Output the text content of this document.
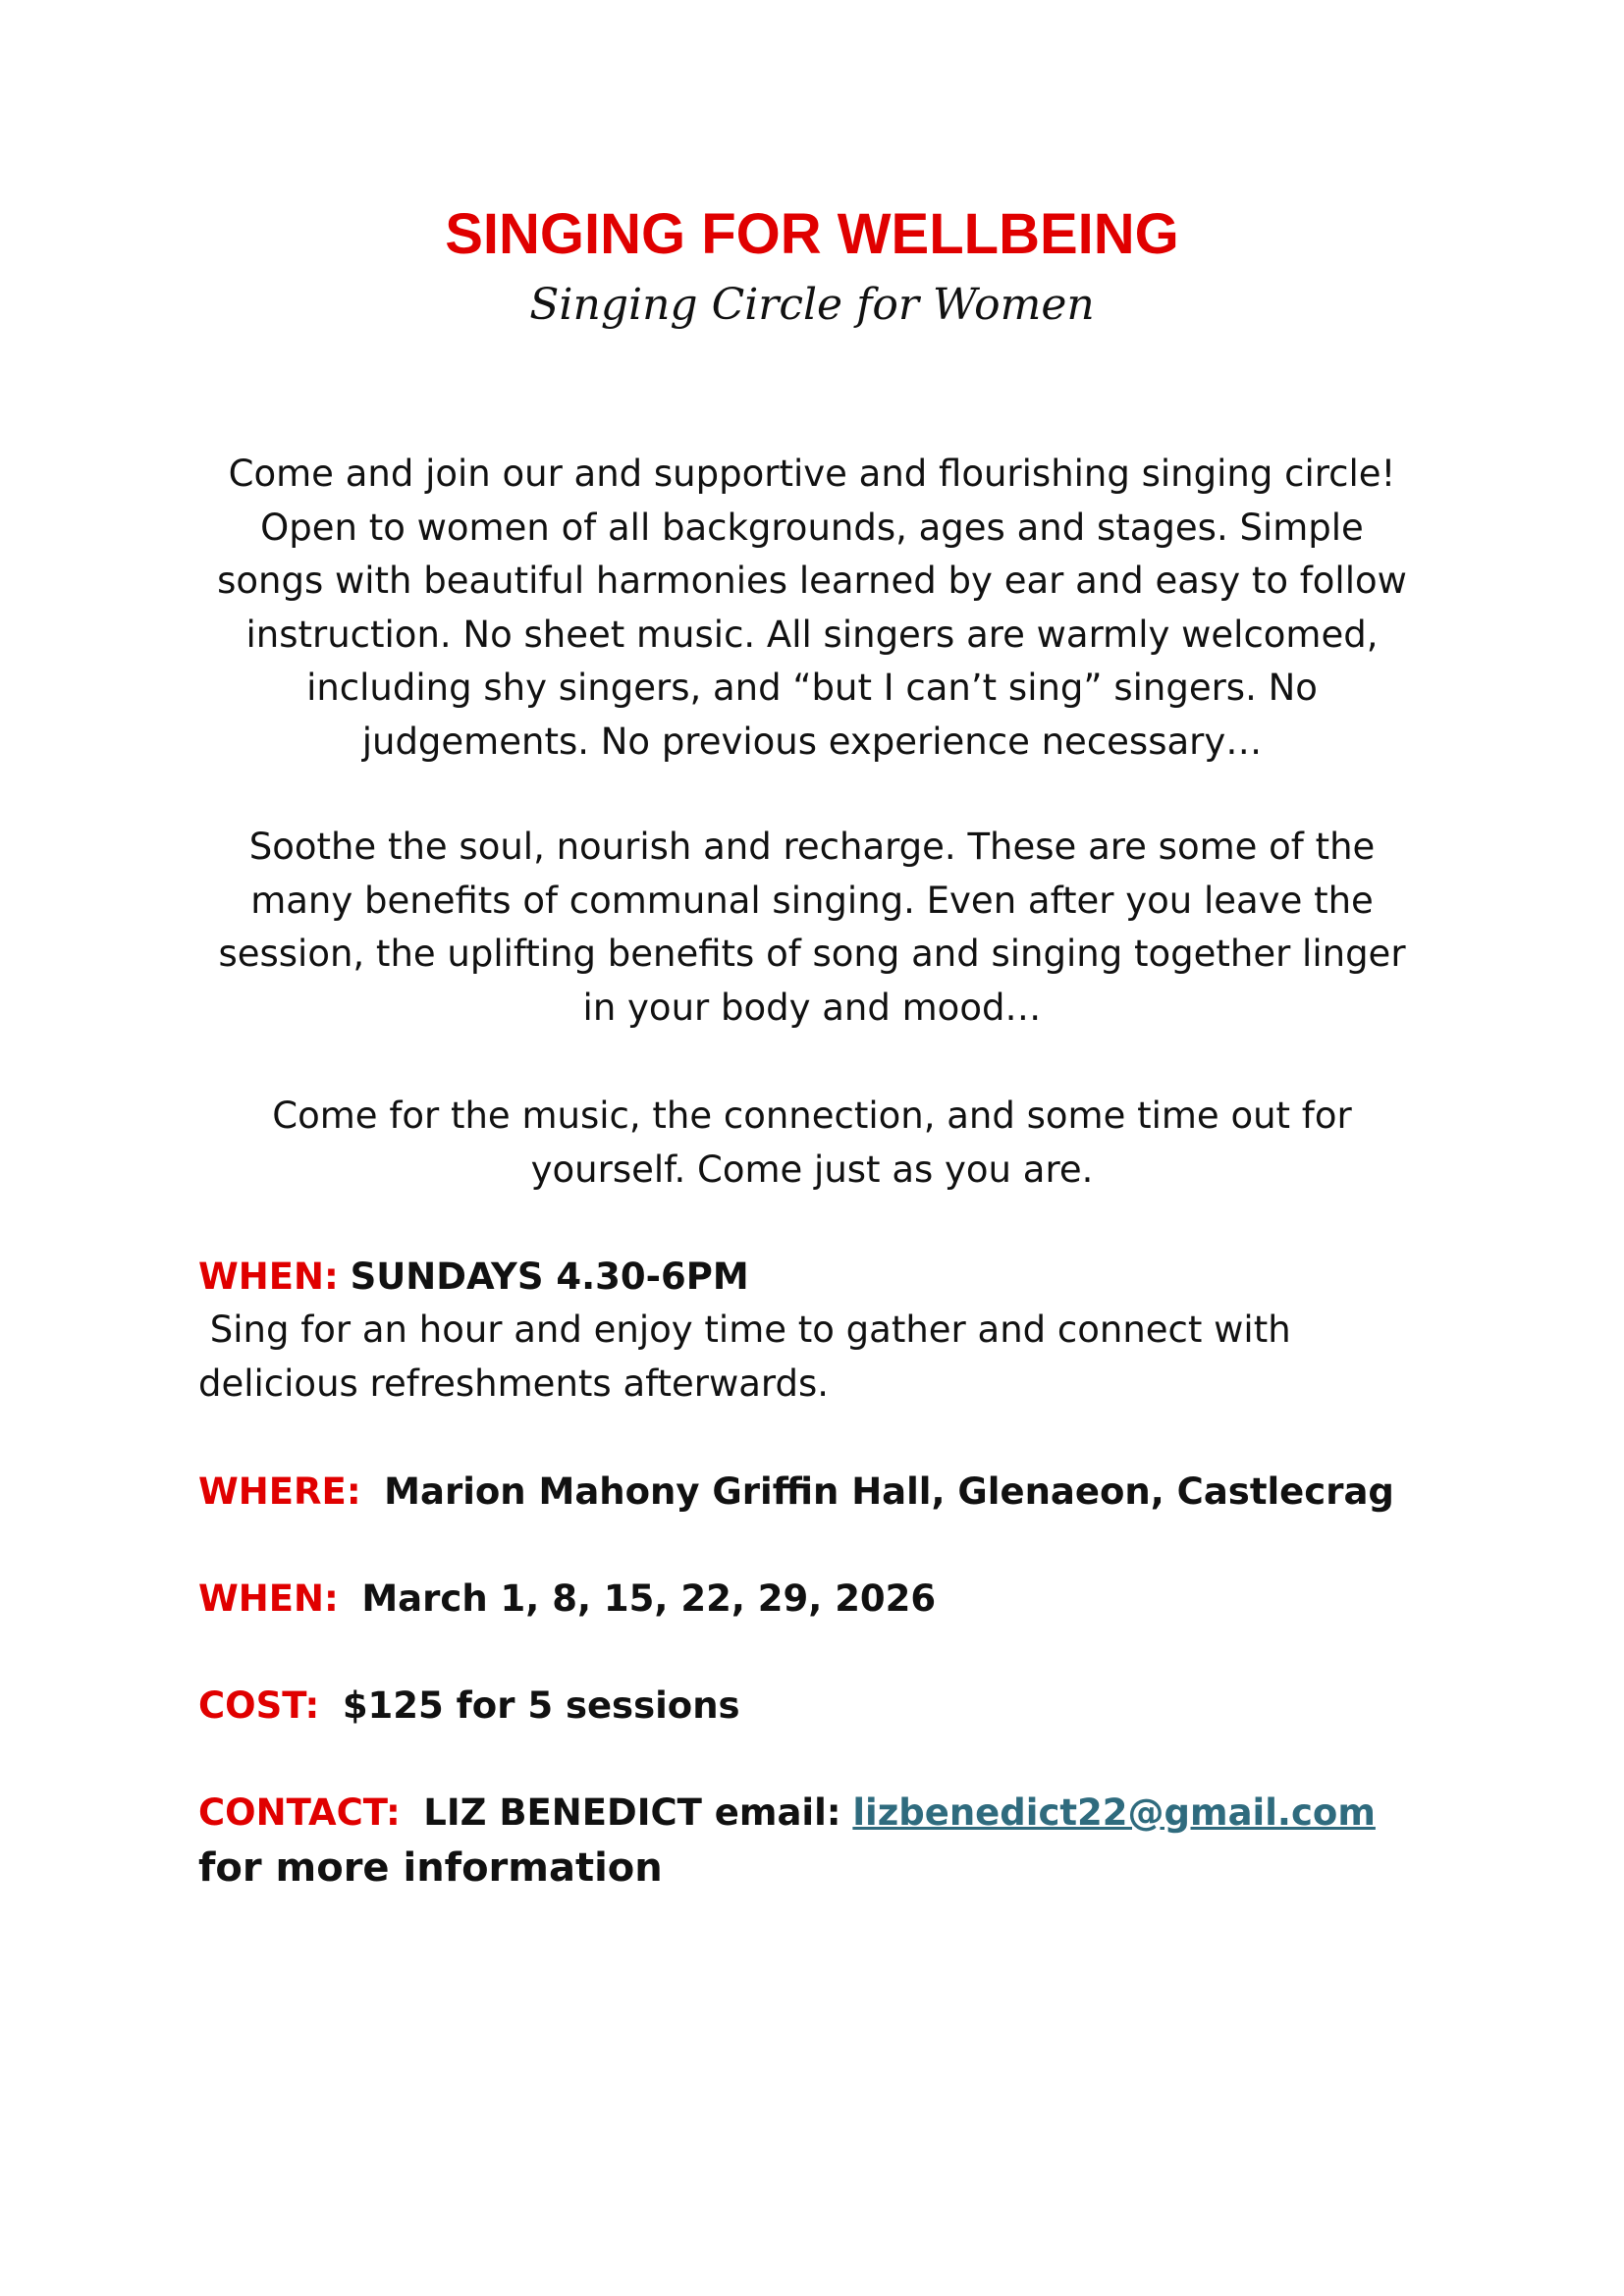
SINGING FOR WELLBEING
Singing Circle for Women
Come and join our and supportive and flourishing singing circle!
Open to women of all backgrounds, ages and stages. Simple
songs with beautiful harmonies learned by ear and easy to follow
instruction. No sheet music. All singers are warmly welcomed,
including shy singers, and “but I can’t sing” singers. No
judgements. No previous experience necessary…
Soothe the soul, nourish and recharge. These are some of the
many benefits of communal singing. Even after you leave the
session, the uplifting benefits of song and singing together linger
in your body and mood…
Come for the music, the connection, and some time out for
yourself. Come just as you are.
WHEN: SUNDAYS 4.30-6PM
Sing for an hour and enjoy time to gather and connect with
delicious refreshments afterwards.
WHERE: Marion Mahony Griffin Hall, Glenaeon, Castlecrag
WHEN: March 1, 8, 15, 22, 29, 2026
COST: $125 for 5 sessions
CONTACT: LIZ BENEDICT email: lizbenedict22@gmail.com
for more information
